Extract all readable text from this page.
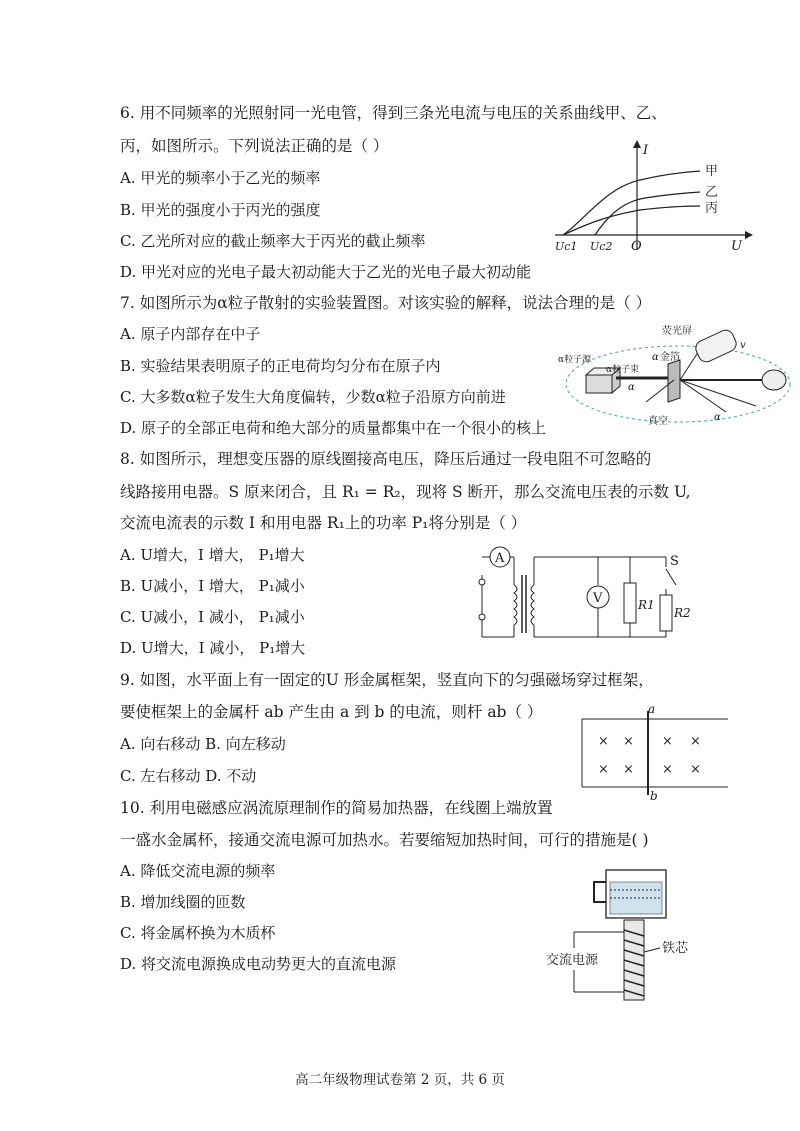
6. 用不同频率的光照射同一光电管，得到三条光电流与电压的关系曲线甲、乙、
丙，如图所示。下列说法正确的是（ ）
A. 甲光的频率小于乙光的频率
B. 甲光的强度小于丙光的强度
C. 乙光所对应的截止频率大于丙光的截止频率
D. 甲光对应的光电子最大初动能大于乙光的光电子最大初动能
I
U
O
Uc1 Uc2
甲
乙
丙
7. 如图所示为α粒子散射的实验装置图。对该实验的解释，说法合理的是（ ）
A. 原子内部存在中子
B. 实验结果表明原子的正电荷均匀分布在原子内
C. 大多数α粒子发生大角度偏转，少数α粒子沿原方向前进
D. 原子的全部正电荷和绝大部分的质量都集中在一个很小的核上
荧光屏
金箔
α粒子源
α粒子束
真空
α
α
α
v
8. 如图所示，理想变压器的原线圈接高电压，降压后通过一段电阻不可忽略的
线路接用电器。S 原来闭合，且 R₁ = R₂，现将 S 断开，那么交流电压表的示数 U,
交流电流表的示数 I 和用电器 R₁上的功率 P₁将分别是（ ）
A. U增大，I 增大， P₁增大
B. U减小，I 增大， P₁减小
C. U减小，I 减小， P₁减小
D. U增大，I 减小， P₁增大
A
V	R1
S
R2
9. 如图，水平面上有一固定的U 形金属框架，竖直向下的匀强磁场穿过框架，
要使框架上的金属杆 ab 产生由 a 到 b 的电流，则杆 ab（ ）
A. 向右移动 B. 向左移动
C. 左右移动 D. 不动
a
b
× × × ×
× × × ×
10. 利用电磁感应涡流原理制作的简易加热器，在线圈上端放置
一盛水金属杯，接通交流电源可加热水。若要缩短加热时间，可行的措施是( )
A. 降低交流电源的频率
B. 增加线圈的匝数
C. 将金属杯换为木质杯
D. 将交流电源换成电动势更大的直流电源	交流电源
铁芯
高二年级物理试卷第 2 页，共 6 页
